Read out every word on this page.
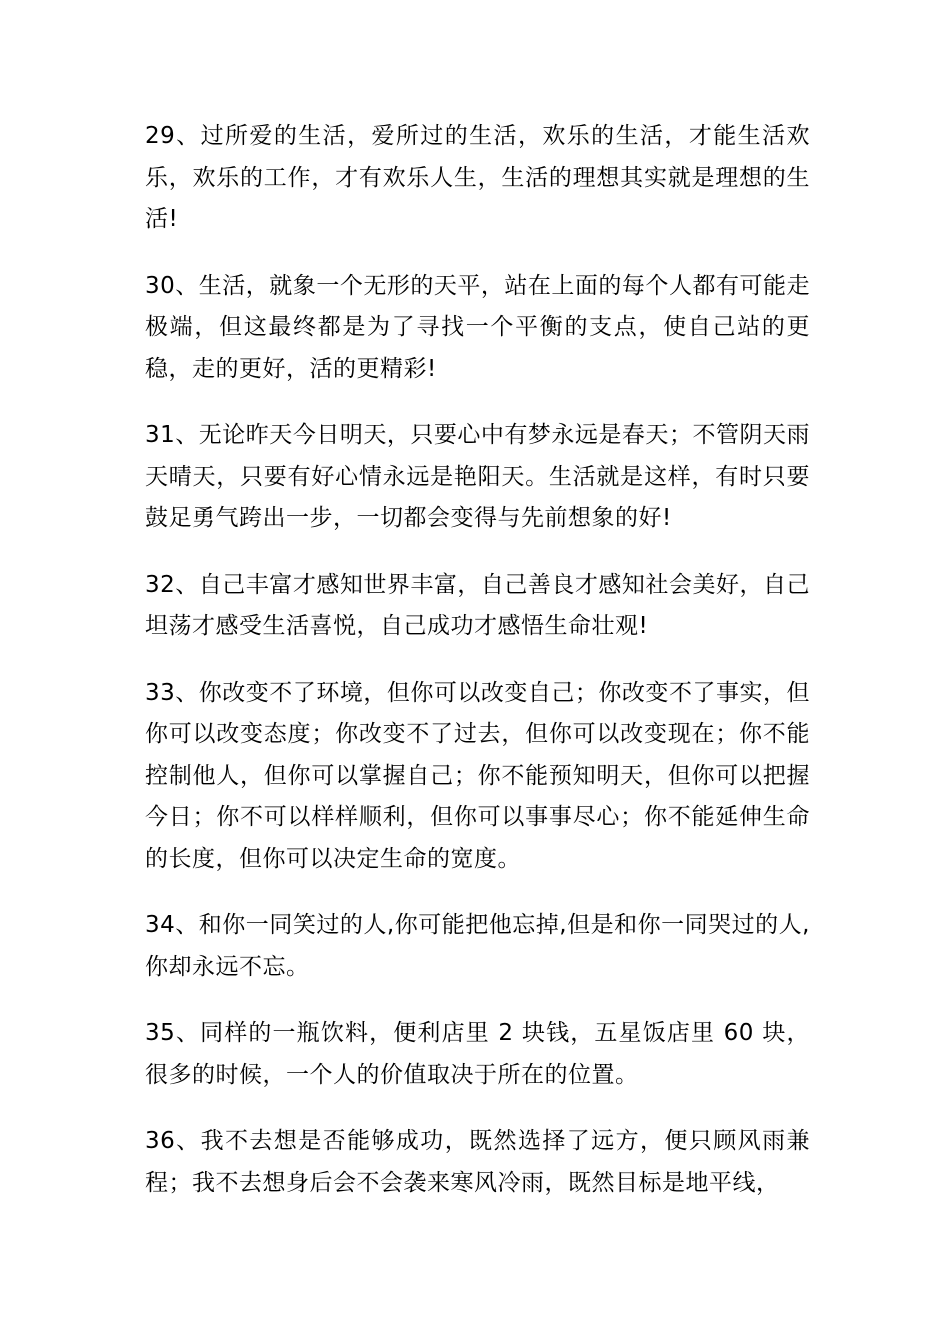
29、过所爱的生活，爱所过的生活，欢乐的生活，才能生活欢乐，欢乐的工作，才有欢乐人生，生活的理想其实就是理想的生活!

30、生活，就象一个无形的天平，站在上面的每个人都有可能走极端，但这最终都是为了寻找一个平衡的支点，使自己站的更稳，走的更好，活的更精彩!

31、无论昨天今日明天，只要心中有梦永远是春天；不管阴天雨天晴天，只要有好心情永远是艳阳天。生活就是这样，有时只要鼓足勇气跨出一步，一切都会变得与先前想象的好!

32、自己丰富才感知世界丰富，自己善良才感知社会美好，自己坦荡才感受生活喜悦，自己成功才感悟生命壮观!

33、你改变不了环境，但你可以改变自己；你改变不了事实，但你可以改变态度；你改变不了过去，但你可以改变现在；你不能控制他人，但你可以掌握自己；你不能预知明天，但你可以把握今日；你不可以样样顺利，但你可以事事尽心；你不能延伸生命的长度，但你可以决定生命的宽度。

34、和你一同笑过的人,你可能把他忘掉,但是和你一同哭过的人,你却永远不忘。

35、同样的一瓶饮料，便利店里 2 块钱，五星饭店里 60 块，很多的时候，一个人的价值取决于所在的位置。

36、我不去想是否能够成功，既然选择了远方，便只顾风雨兼程；我不去想身后会不会袭来寒风冷雨，既然目标是地平线，
